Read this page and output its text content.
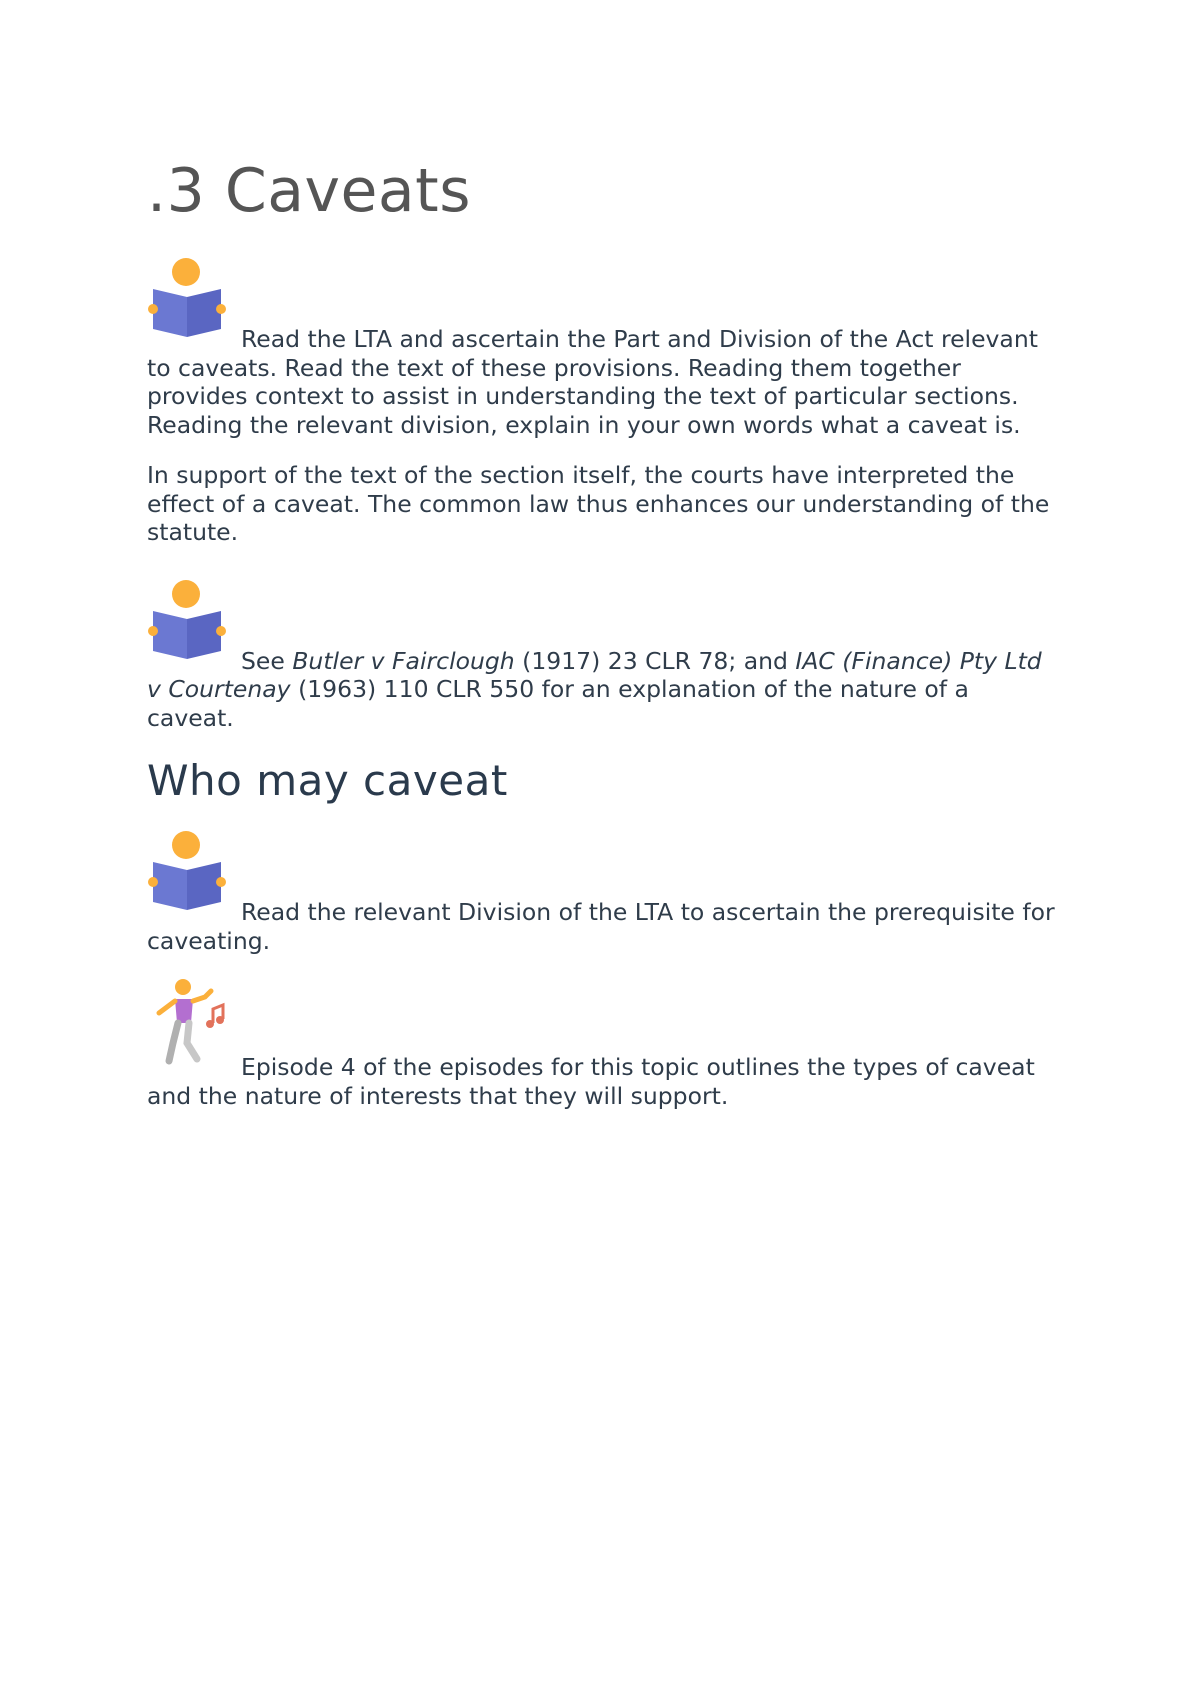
.3 Caveats

Read the LTA and ascertain the Part and Division of the Act relevant to caveats. Read the text of these provisions. Reading them together provides context to assist in understanding the text of particular sections. Reading the relevant division, explain in your own words what a caveat is.

In support of the text of the section itself, the courts have interpreted the effect of a caveat. The common law thus enhances our understanding of the statute.

See Butler v Fairclough (1917) 23 CLR 78; and IAC (Finance) Pty Ltd v Courtenay (1963) 110 CLR 550 for an explanation of the nature of a caveat.

Who may caveat

Read the relevant Division of the LTA to ascertain the prerequisite for caveating.

Episode 4 of the episodes for this topic outlines the types of caveat and the nature of interests that they will support.
